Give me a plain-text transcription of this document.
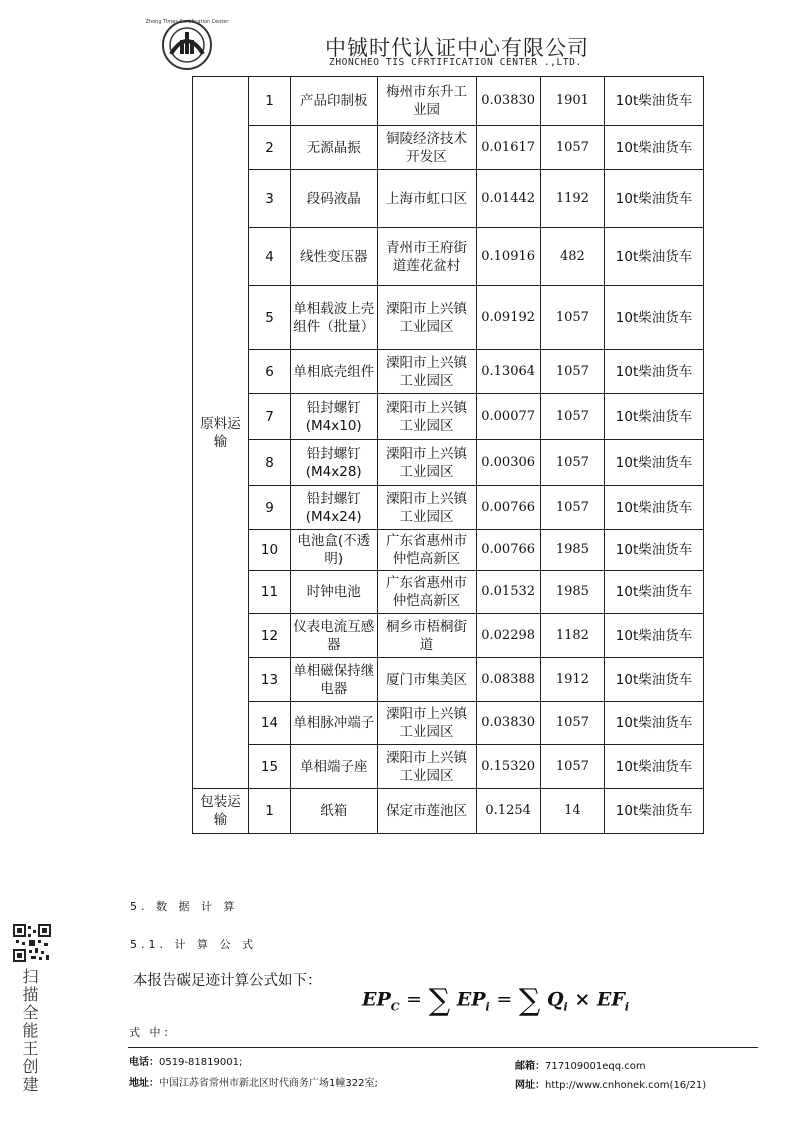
Zhong Times Certification Center
中铖时代认证中心有限公司
ZHONCHEO TIS CFRTIFICATION CENTER .,LTD.
原料运输	1	产品印制板	梅州市东升工业园	0.03830	1901	10t柴油货车
	2	无源晶振	铜陵经济技术开发区	0.01617	1057	10t柴油货车
	3	段码液晶	上海市虹口区	0.01442	1192	10t柴油货车
	4	线性变压器	青州市王府街道莲花盆村	0.10916	482	10t柴油货车
	5	单相载波上壳组件（批量）	溧阳市上兴镇工业园区	0.09192	1057	10t柴油货车
	6	单相底壳组件	溧阳市上兴镇工业园区	0.13064	1057	10t柴油货车
	7	铅封螺钉(M4x10)	溧阳市上兴镇工业园区	0.00077	1057	10t柴油货车
	8	铅封螺钉(M4x28)	溧阳市上兴镇工业园区	0.00306	1057	10t柴油货车
	9	铅封螺钉(M4x24)	溧阳市上兴镇工业园区	0.00766	1057	10t柴油货车
	10	电池盒(不透明)	广东省惠州市仲恺高新区	0.00766	1985	10t柴油货车
	11	时钟电池	广东省惠州市仲恺高新区	0.01532	1985	10t柴油货车
	12	仪表电流互感器	桐乡市梧桐街道	0.02298	1182	10t柴油货车
	13	单相磁保持继电器	厦门市集美区	0.08388	1912	10t柴油货车
	14	单相脉冲端子	溧阳市上兴镇工业园区	0.03830	1057	10t柴油货车
	15	单相端子座	溧阳市上兴镇工业园区	0.15320	1057	10t柴油货车
包装运输	1	纸箱	保定市莲池区	0.1254	14	10t柴油货车
5. 数 据 计 算
5.1. 计 算 公 式
本报告碳足迹计算公式如下：
$EP_C$ = ∑ $EP_i$ = ∑ $Q_i \times EF_i$
式 中：
电话：0519-81819001;
地址：中国江苏省常州市新北区时代商务广场1幢322室;
邮箱：717109001eqq.com
网址：http://www.cnhonek.com(16/21)
扫描全能王创建
